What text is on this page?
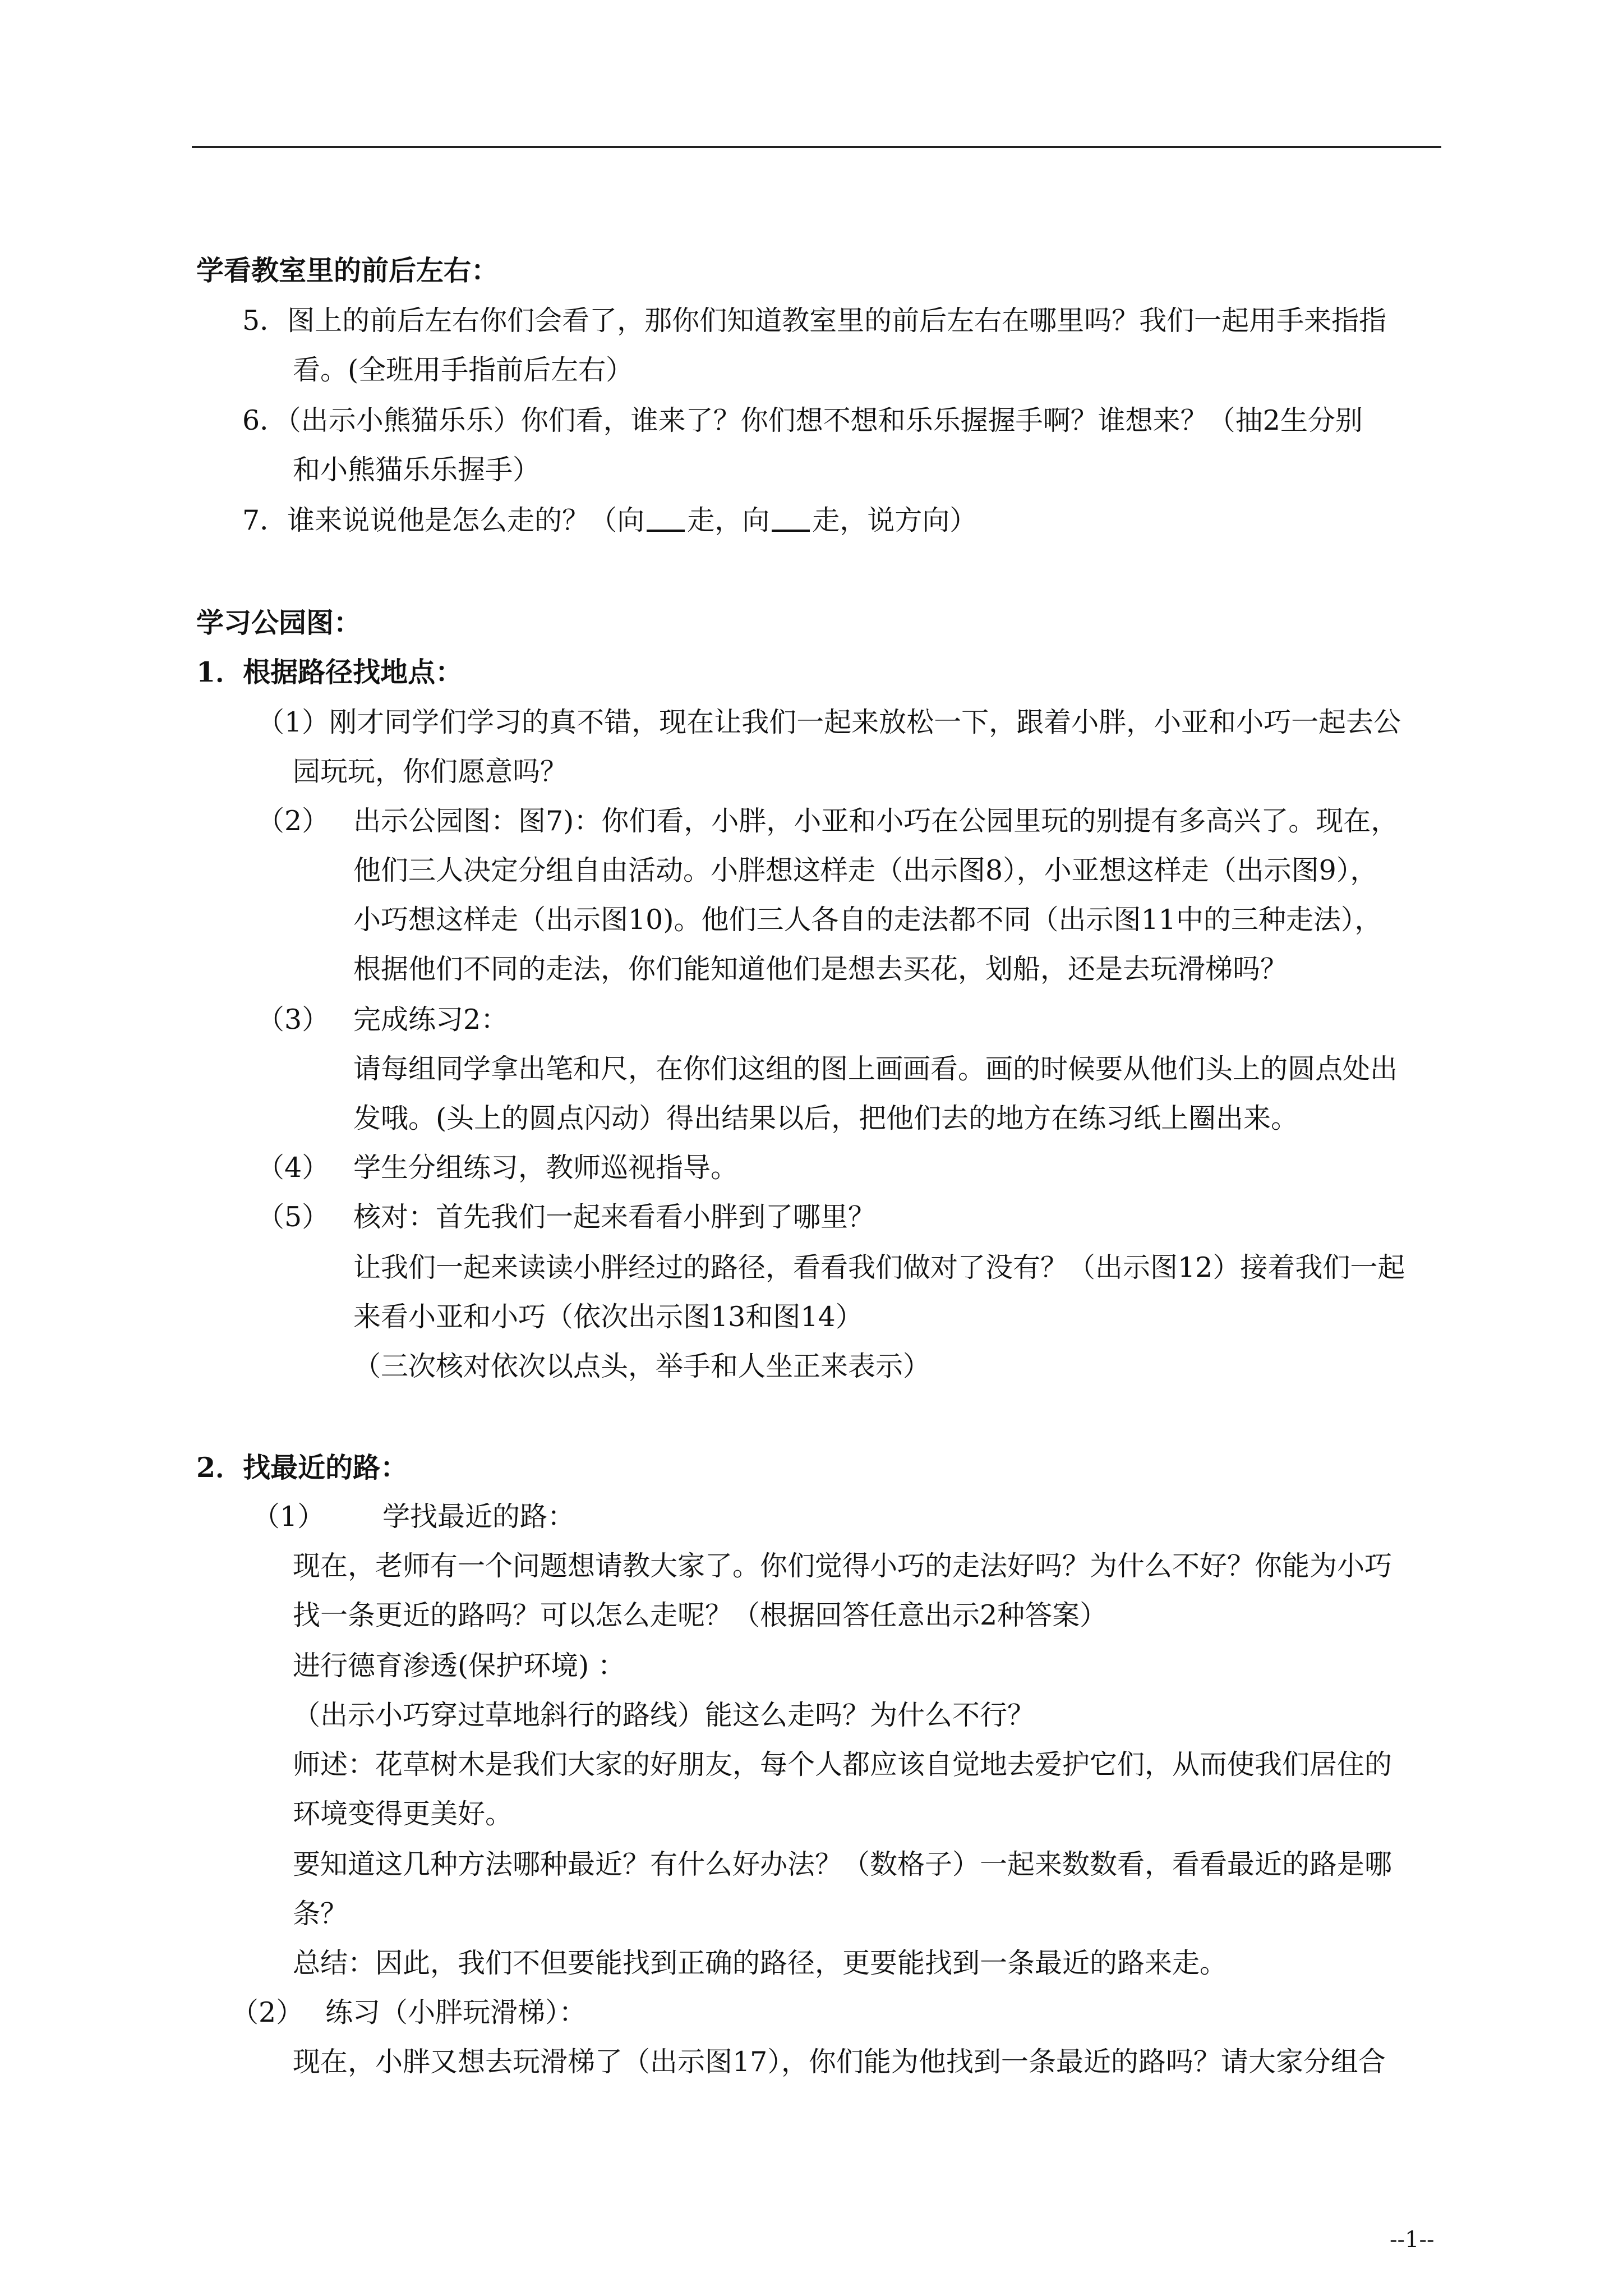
学看教室里的前后左右：
5．图上的前后左右你们会看了，那你们知道教室里的前后左右在哪里吗？我们一起用手来指指
看。(全班用手指前后左右）
6．（出示小熊猫乐乐）你们看，谁来了？你们想不想和乐乐握握手啊？谁想来？（抽2生分别
和小熊猫乐乐握手）
7．谁来说说他是怎么走的？（向 走，向 走，说方向）
学习公园图：
1．根据路径找地点：
（1）刚才同学们学习的真不错，现在让我们一起来放松一下，跟着小胖，小亚和小巧一起去公
园玩玩，你们愿意吗？
（2） 出示公园图：图7)：你们看，小胖，小亚和小巧在公园里玩的别提有多高兴了。现在，
他们三人决定分组自由活动。小胖想这样走（出示图8），小亚想这样走（出示图9），
小巧想这样走（出示图10)。他们三人各自的走法都不同（出示图11中的三种走法），
根据他们不同的走法，你们能知道他们是想去买花，划船，还是去玩滑梯吗？
（3） 完成练习2：
请每组同学拿出笔和尺，在你们这组的图上画画看。画的时候要从他们头上的圆点处出
发哦。(头上的圆点闪动）得出结果以后，把他们去的地方在练习纸上圈出来。
（4） 学生分组练习，教师巡视指导。
（5） 核对：首先我们一起来看看小胖到了哪里？
让我们一起来读读小胖经过的路径，看看我们做对了没有？（出示图12）接着我们一起
来看小亚和小巧（依次出示图13和图14）
（三次核对依次以点头，举手和人坐正来表示）
2．找最近的路：
（1） 学找最近的路：
现在，老师有一个问题想请教大家了。你们觉得小巧的走法好吗？为什么不好？你能为小巧
找一条更近的路吗？可以怎么走呢？（根据回答任意出示2种答案）
进行德育渗透(保护环境) ：
（出示小巧穿过草地斜行的路线）能这么走吗？为什么不行？
师述：花草树木是我们大家的好朋友，每个人都应该自觉地去爱护它们，从而使我们居住的
环境变得更美好。
要知道这几种方法哪种最近？有什么好办法？（数格子）一起来数数看，看看最近的路是哪
条？
总结：因此，我们不但要能找到正确的路径，更要能找到一条最近的路来走。
（2） 练习（小胖玩滑梯）：
现在，小胖又想去玩滑梯了（出示图17），你们能为他找到一条最近的路吗？请大家分组合
--1--
